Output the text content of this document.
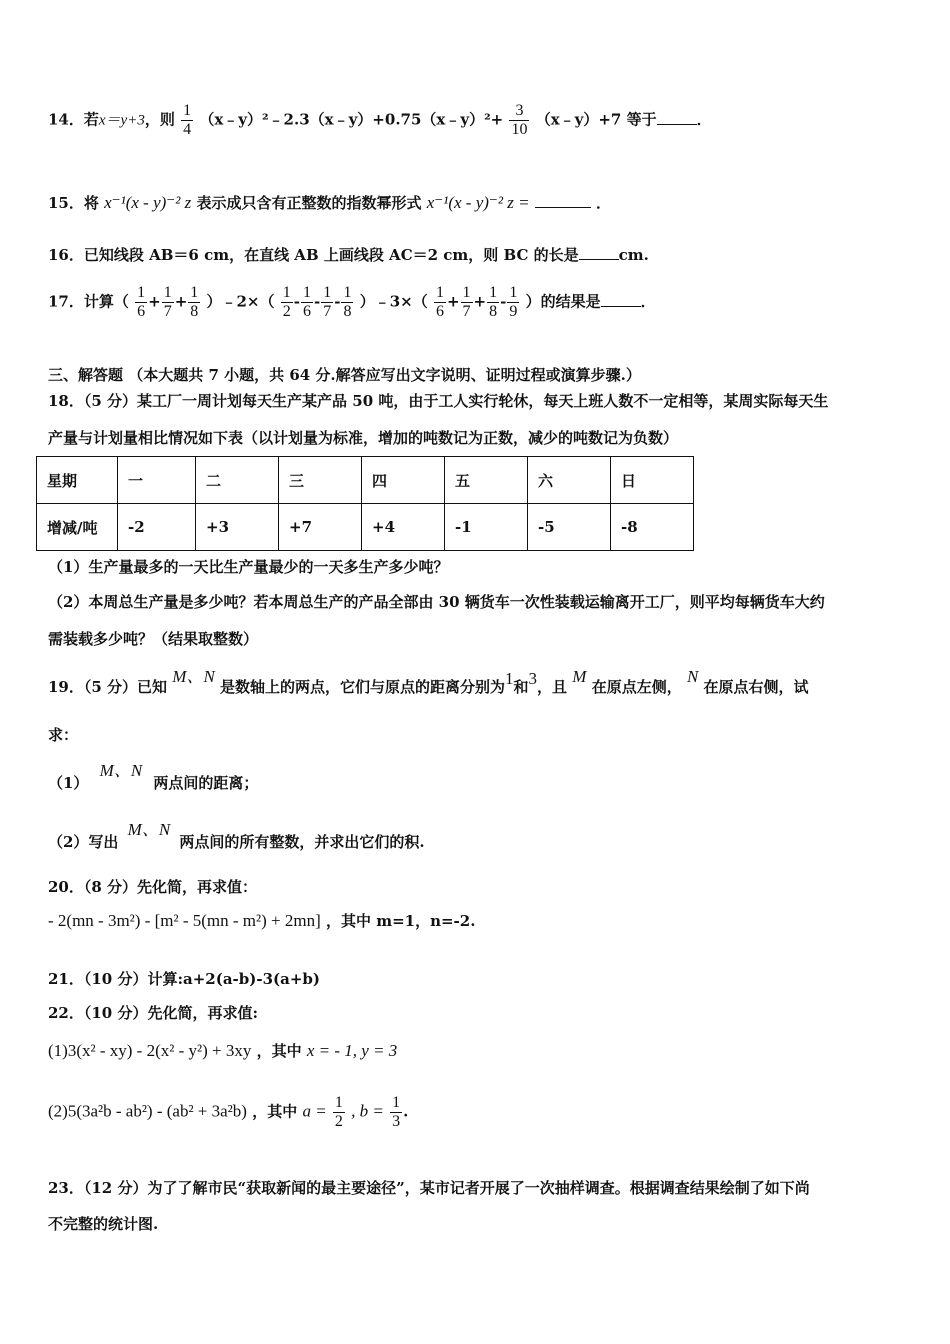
14．若x＝y+3，则 $\frac{1}{4}$ （x﹣y）²﹣2.3（x﹣y）+0.75（x﹣y）²+ $\frac{3}{10}$ （x﹣y）+7 等于	．
15．将 x⁻¹(x - y)⁻² z 表示成只含有正整数的指数幂形式 x⁻¹(x - y)⁻² z =	．
16．已知线段 AB＝6 cm，在直线 AB 上画线段 AC＝2 cm，则 BC 的长是	cm.
17．计算（ $\frac{1}{6} + \frac{1}{7} + \frac{1}{8}$ ）﹣2×（ $\frac{1}{2} - \frac{1}{6} - \frac{1}{7} - \frac{1}{8}$ ）﹣3×（ $\frac{1}{6} + \frac{1}{7} + \frac{1}{8} - \frac{1}{9}$ ）的结果是	．
三、解答题 （本大题共 7 小题，共 64 分.解答应写出文字说明、证明过程或演算步骤.）
18．（5 分）某工厂一周计划每天生产某产品 50 吨，由于工人实行轮休，每天上班人数不一定相等，某周实际每天生
产量与计划量相比情况如下表（以计划量为标准，增加的吨数记为正数，减少的吨数记为负数）
星期	一	二	三	四	五	六	日
增减/吨	-2	+3	+7	+4	-1	-5	-8
（1）生产量最多的一天比生产量最少的一天多生产多少吨？
（2）本周总生产量是多少吨？若本周总生产的产品全部由 30 辆货车一次性装载运输离开工厂，则平均每辆货车大约
需装载多少吨？（结果取整数）
19．（5 分）已知 M、N 是数轴上的两点，它们与原点的距离分别为1和3，且 M 在原点左侧， N 在原点右侧，试
求：
（1） M、N 两点间的距离；
（2）写出 M、N 两点间的所有整数，并求出它们的积.
20．（8 分）先化简，再求值：
- 2(mn - 3m²) - [m² - 5(mn - m²) + 2mn] ，其中 m=1，n=-2.
21．（10 分）计算:a+2(a-b)-3(a+b)
22．（10 分）先化简，再求值:
(1)3(x² - xy) - 2(x² - y²) + 3xy ，其中 x = - 1, y = 3
(2)5(3a²b - ab²) - (ab² + 3a²b) ，其中 $a = \frac{1}{2}$ , $b = \frac{1}{3}$ .
23．（12 分）为了了解市民“获取新闻的最主要途径”，某市记者开展了一次抽样调查。根据调查结果绘制了如下尚
不完整的统计图.
